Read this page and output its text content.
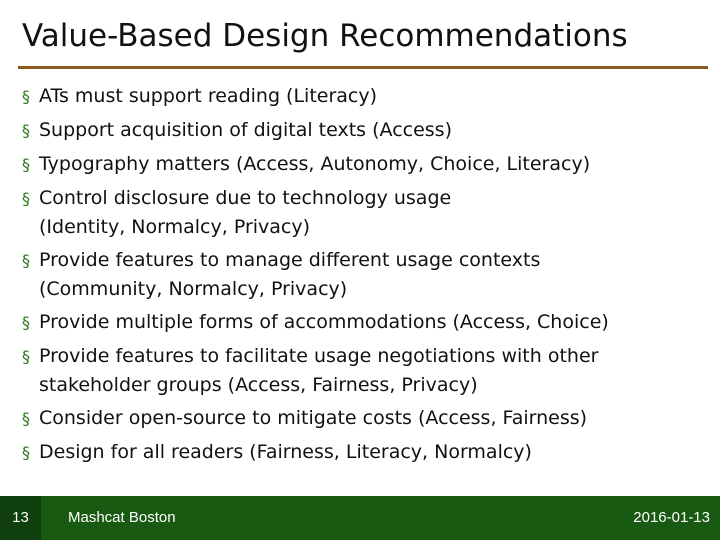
Value-Based Design Recommendations
§ ATs must support reading (Literacy)
§ Support acquisition of digital texts (Access)
§ Typography matters (Access, Autonomy, Choice, Literacy)
§ Control disclosure due to technology usage
(Identity, Normalcy, Privacy)
§ Provide features to manage different usage contexts
(Community, Normalcy, Privacy)
§ Provide multiple forms of accommodations (Access, Choice)
§ Provide features to facilitate usage negotiations with other
stakeholder groups (Access, Fairness, Privacy)
§ Consider open-source to mitigate costs (Access, Fairness)
§ Design for all readers (Fairness, Literacy, Normalcy)
13	Mashcat Boston	2016-01-13
